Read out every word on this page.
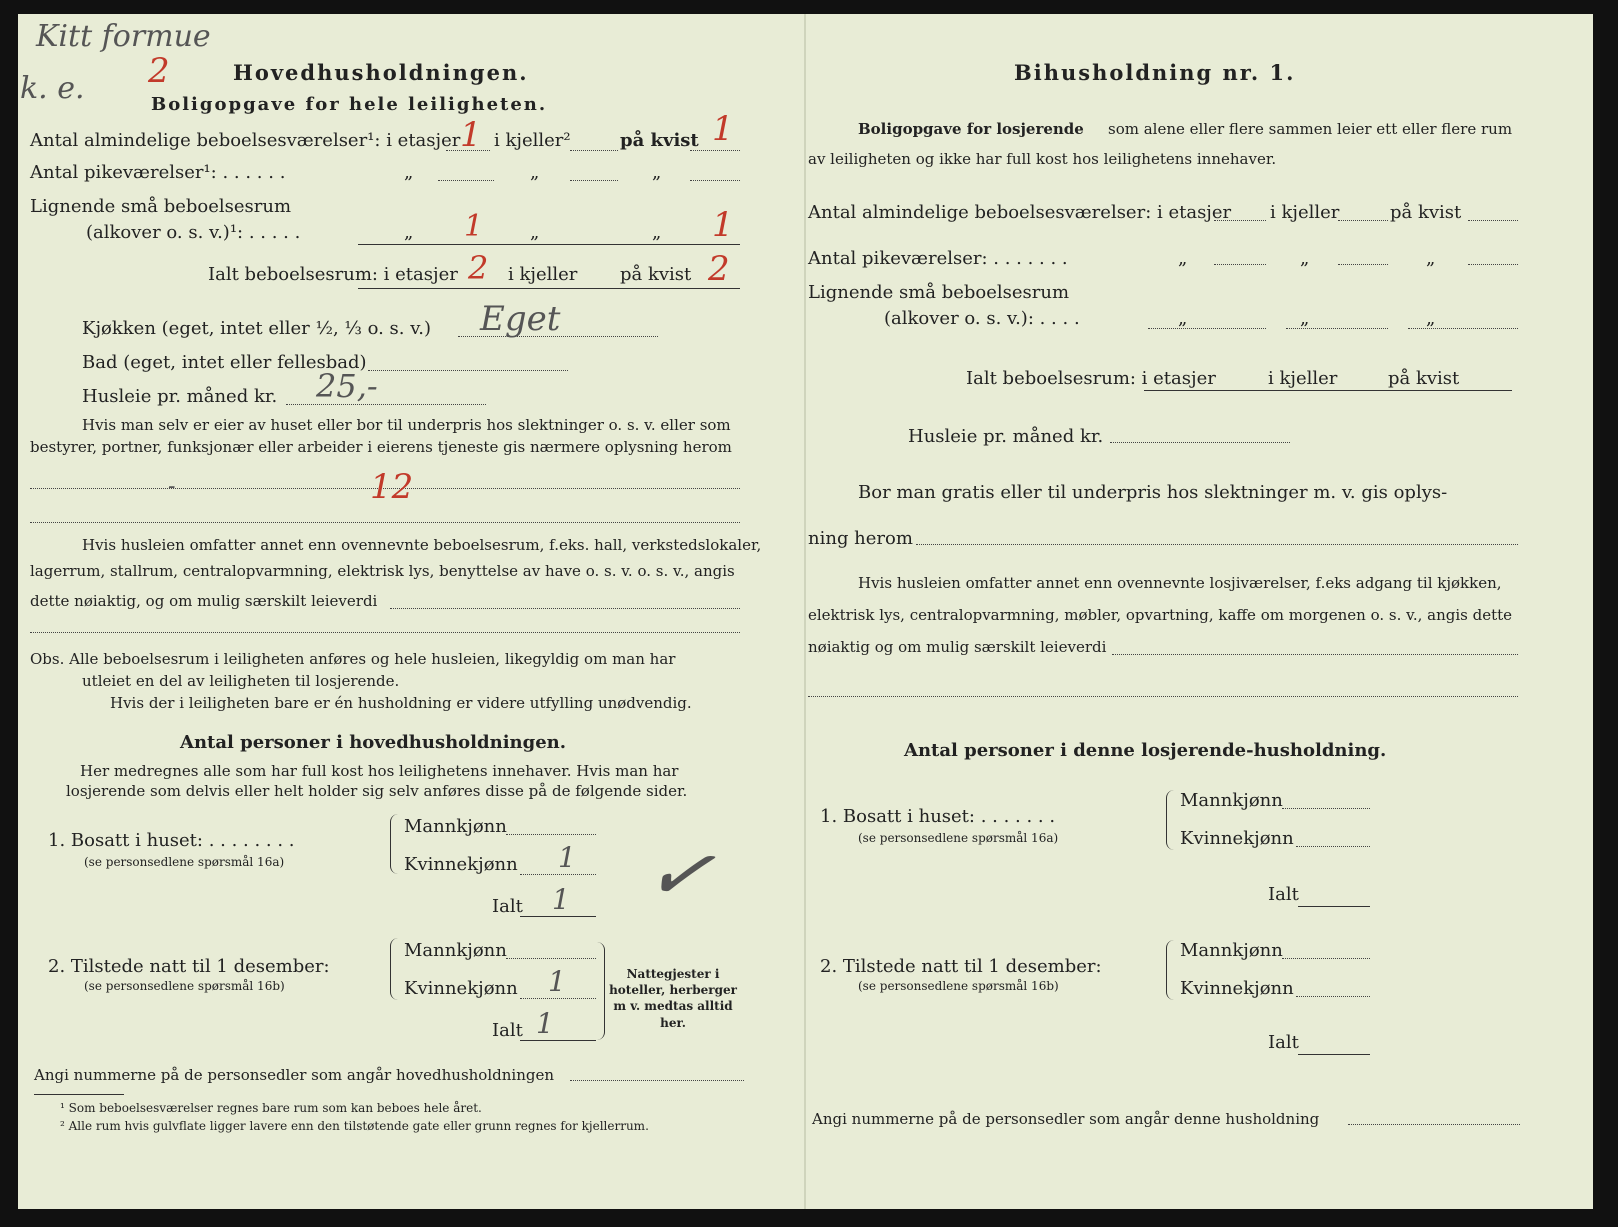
Kitt formue
k. e. 2	Hovedhusholdningen.
Boligopgave for hele leiligheten.
Antal almindelige beboelsesværelser¹: i etasjer 1 i kjeller²	på kvist 1
Antal pikeværelser¹: . . . . . .	„	„	„
Lignende små beboelsesrum
(alkover o. s. v.)¹: . . . . .	„ 1	„	„ 1
Ialt beboelsesrum: i etasjer 2 i kjeller på kvist 2
Kjøkken (eget, intet eller ½, ⅓ o. s. v.) Eget
Bad (eget, intet eller fellesbad)
Husleie pr. måned kr. 25,-
Hvis man selv er eier av huset eller bor til underpris hos slektninger o. s. v. eller som
bestyrer, portner, funksjonær eller arbeider i eierens tjeneste gis nærmere oplysning herom
-	12
Hvis husleien omfatter annet enn ovennevnte beboelsesrum, f.eks. hall, verkstedslokaler,
lagerrum, stallrum, centralopvarmning, elektrisk lys, benyttelse av have o. s. v. o. s. v., angis
dette nøiaktig, og om mulig særskilt leieverdi
Obs. Alle beboelsesrum i leiligheten anføres og hele husleien, likegyldig om man har
utleiet en del av leiligheten til losjerende.
Hvis der i leiligheten bare er én husholdning er videre utfylling unødvendig.
Antal personer i hovedhusholdningen.
Her medregnes alle som har full kost hos leilighetens innehaver. Hvis man har
losjerende som delvis eller helt holder sig selv anføres disse på de følgende sider.
1. Bosatt i huset: . . . . . . . .
(se personsedlene spørsmål 16a)
Mannkjønn
Kvinnekjønn 1
Ialt 1 ✓
2. Tilstede natt til 1 desember:
(se personsedlene spørsmål 16b)
Mannkjønn
Kvinnekjønn 1
Ialt 1
Nattegjester i hoteller, herberger m v. medtas alltid her.
Angi nummerne på de personsedler som angår hovedhusholdningen
¹ Som beboelsesværelser regnes bare rum som kan beboes hele året.
² Alle rum hvis gulvflate ligger lavere enn den tilstøtende gate eller grunn regnes for kjellerrum.
Bihusholdning nr. 1.
Boligopgave for losjerende som alene eller flere sammen leier ett eller flere rum
av leiligheten og ikke har full kost hos leilighetens innehaver.
Antal almindelige beboelsesværelser: i etasjer i kjeller	på kvist
Antal pikeværelser: . . . . . . .	„	„	„
Lignende små beboelsesrum
(alkover o. s. v.): . . . .	„	„	„
Ialt beboelsesrum: i etasjer	i kjeller	på kvist
Husleie pr. måned kr.
Bor man gratis eller til underpris hos slektninger m. v. gis oplys-
ning herom
Hvis husleien omfatter annet enn ovennevnte losjiværelser, f.eks adgang til kjøkken,
elektrisk lys, centralopvarmning, møbler, opvartning, kaffe om morgenen o. s. v., angis dette
nøiaktig og om mulig særskilt leieverdi
Antal personer i denne losjerende-husholdning.
1. Bosatt i huset: . . . . . . .
(se personsedlene spørsmål 16a)
Mannkjønn
Kvinnekjønn
Ialt
2. Tilstede natt til 1 desember:
(se personsedlene spørsmål 16b)
Mannkjønn
Kvinnekjønn
Ialt
Angi nummerne på de personsedler som angår denne husholdning
